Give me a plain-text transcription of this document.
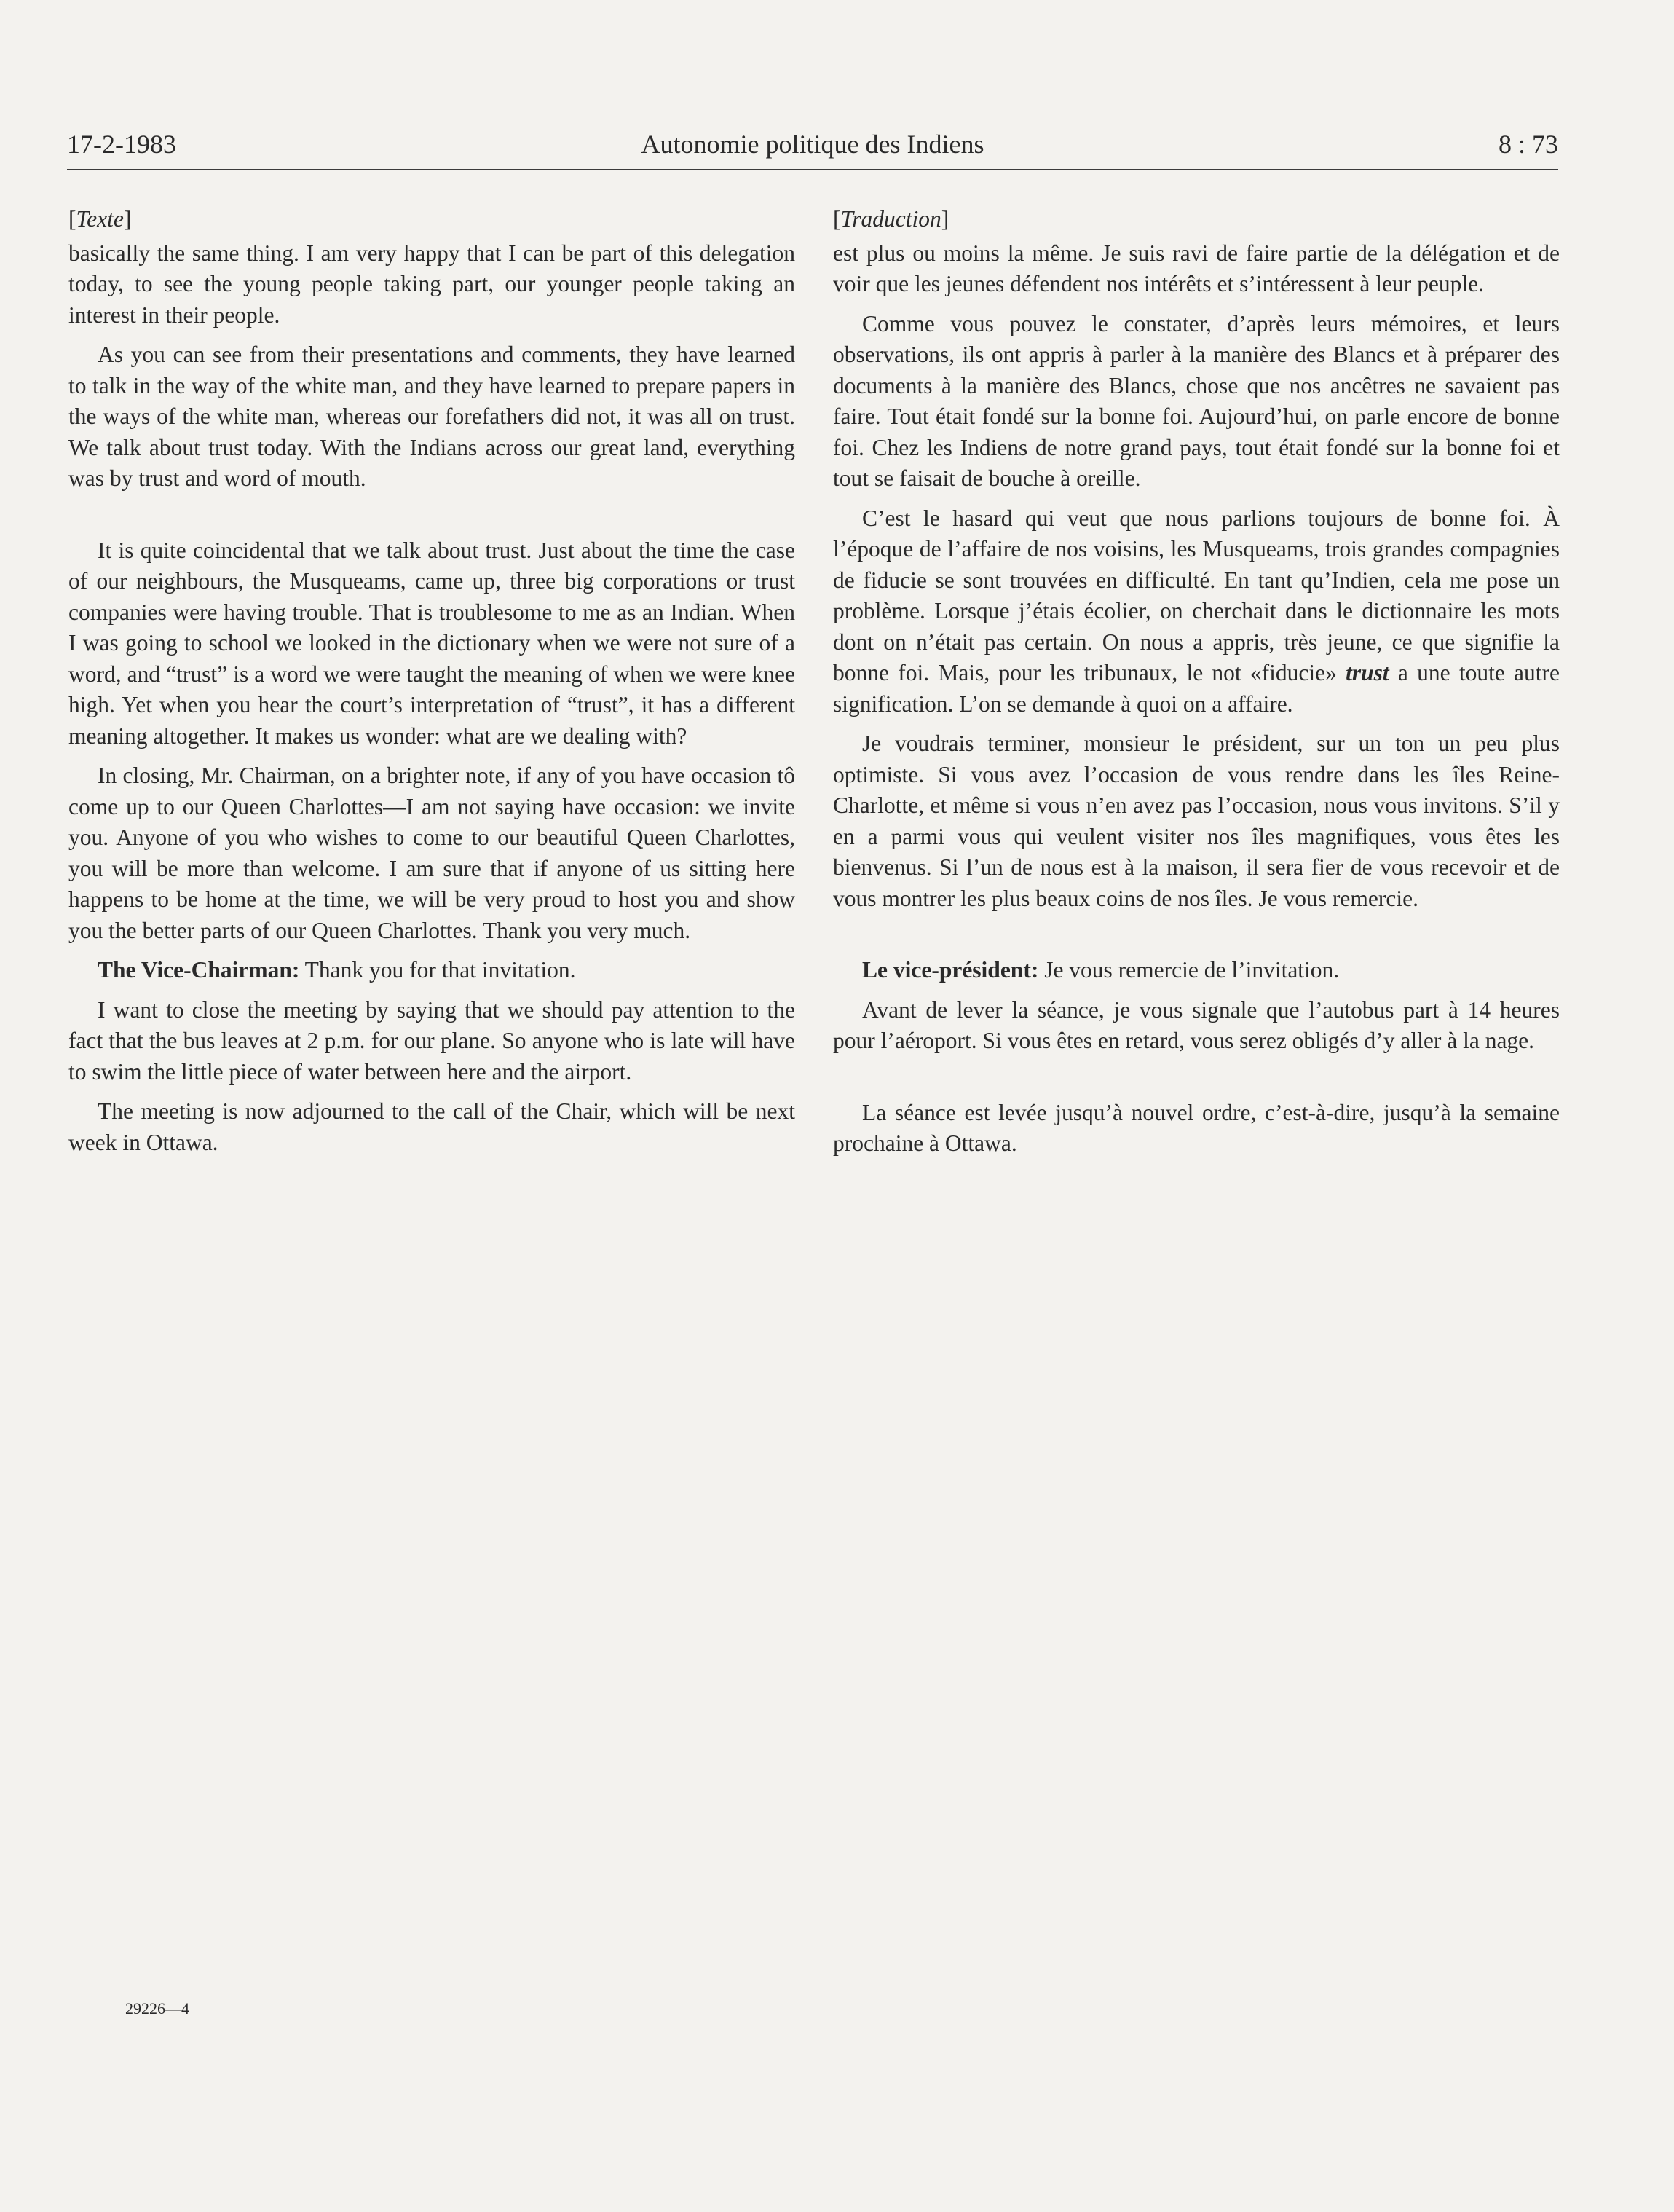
17-2-1983	Autonomie politique des Indiens	8 : 73
[Texte]

basically the same thing. I am very happy that I can be part of this delegation today, to see the young people taking part, our younger people taking an interest in their people.

As you can see from their presentations and comments, they have learned to talk in the way of the white man, and they have learned to prepare papers in the ways of the white man, whereas our forefathers did not, it was all on trust. We talk about trust today. With the Indians across our great land, everything was by trust and word of mouth.

It is quite coincidental that we talk about trust. Just about the time the case of our neighbours, the Musqueams, came up, three big corporations or trust companies were having trouble. That is troublesome to me as an Indian. When I was going to school we looked in the dictionary when we were not sure of a word, and “trust” is a word we were taught the meaning of when we were knee high. Yet when you hear the court’s interpretation of “trust”, it has a different meaning altogether. It makes us wonder: what are we dealing with?

In closing, Mr. Chairman, on a brighter note, if any of you have occasion tô come up to our Queen Charlottes—I am not saying have occasion: we invite you. Anyone of you who wishes to come to our beautiful Queen Charlottes, you will be more than welcome. I am sure that if anyone of us sitting here happens to be home at the time, we will be very proud to host you and show you the better parts of our Queen Charlottes. Thank you very much.

The Vice-Chairman: Thank you for that invitation.

I want to close the meeting by saying that we should pay attention to the fact that the bus leaves at 2 p.m. for our plane. So anyone who is late will have to swim the little piece of water between here and the airport.

The meeting is now adjourned to the call of the Chair, which will be next week in Ottawa.

[Traduction]

est plus ou moins la même. Je suis ravi de faire partie de la délégation et de voir que les jeunes défendent nos intérêts et s’intéressent à leur peuple.

Comme vous pouvez le constater, d’après leurs mémoires, et leurs observations, ils ont appris à parler à la manière des Blancs et à préparer des documents à la manière des Blancs, chose que nos ancêtres ne savaient pas faire. Tout était fondé sur la bonne foi. Aujourd’hui, on parle encore de bonne foi. Chez les Indiens de notre grand pays, tout était fondé sur la bonne foi et tout se faisait de bouche à oreille.

C’est le hasard qui veut que nous parlions toujours de bonne foi. À l’époque de l’affaire de nos voisins, les Musqueams, trois grandes compagnies de fiducie se sont trouvées en difficulté. En tant qu’Indien, cela me pose un problème. Lorsque j’étais écolier, on cherchait dans le dictionnaire les mots dont on n’était pas certain. On nous a appris, très jeune, ce que signifie la bonne foi. Mais, pour les tribunaux, le not «fiducie» trust a une toute autre signification. L’on se demande à quoi on a affaire.

Je voudrais terminer, monsieur le président, sur un ton un peu plus optimiste. Si vous avez l’occasion de vous rendre dans les îles Reine-Charlotte, et même si vous n’en avez pas l’occasion, nous vous invitons. S’il y en a parmi vous qui veulent visiter nos îles magnifiques, vous êtes les bienvenus. Si l’un de nous est à la maison, il sera fier de vous recevoir et de vous montrer les plus beaux coins de nos îles. Je vous remercie.

Le vice-président: Je vous remercie de l’invitation.

Avant de lever la séance, je vous signale que l’autobus part à 14 heures pour l’aéroport. Si vous êtes en retard, vous serez obligés d’y aller à la nage.

La séance est levée jusqu’à nouvel ordre, c’est-à-dire, jusqu’à la semaine prochaine à Ottawa.

29226—4
